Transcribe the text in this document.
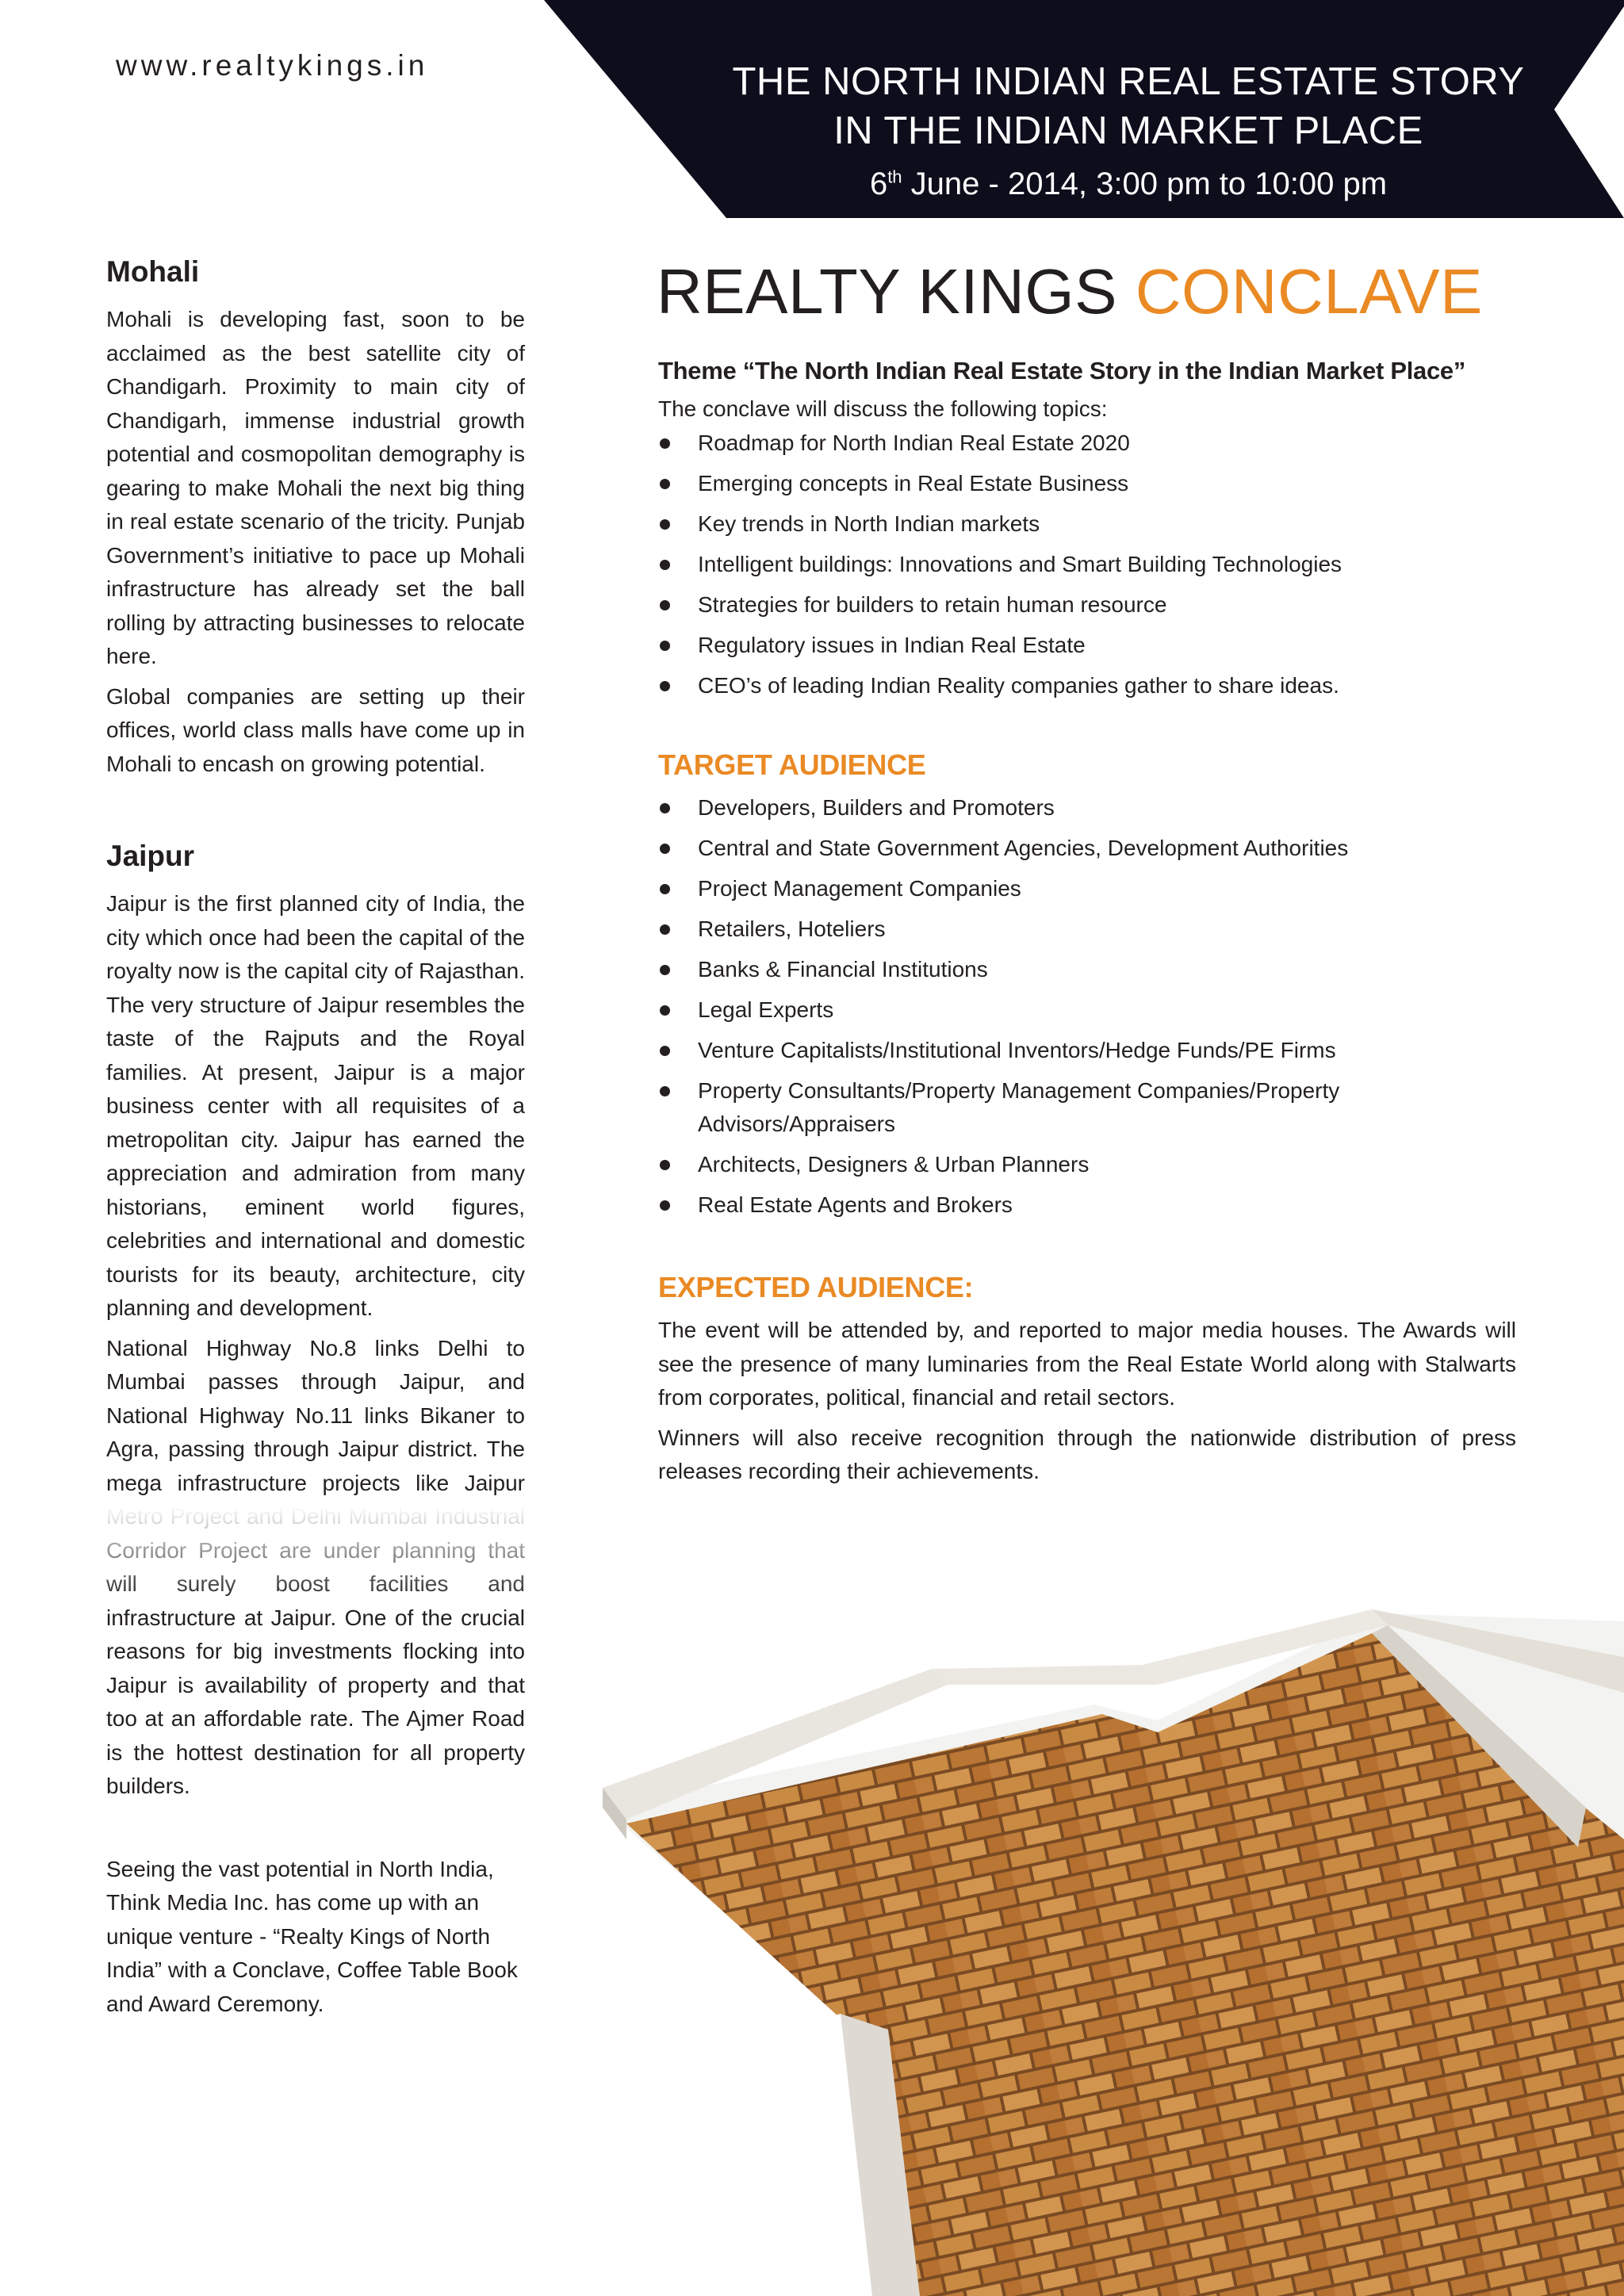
www.realtykings.in	THE NORTH INDIAN REAL ESTATE STORY
IN THE INDIAN MARKET PLACE
6th June - 2014, 3:00 pm to 10:00 pm
Mohali

Mohali is developing fast, soon to be acclaimed as the best satellite city of Chandigarh. Proximity to main city of Chandigarh, immense industrial growth potential and cosmopolitan demography is gearing to make Mohali the next big thing in real estate scenario of the tricity. Punjab Government’s initiative to pace up Mohali infrastructure has already set the ball rolling by attracting businesses to relocate here.

Global companies are setting up their offices, world class malls have come up in Mohali to encash on growing potential.

Jaipur

Jaipur is the first planned city of India, the city which once had been the capital of the royalty now is the capital city of Rajasthan. The very structure of Jaipur resembles the taste of the Rajputs and the Royal families. At present, Jaipur is a major business center with all requisites of a metropolitan city. Jaipur has earned the appreciation and admiration from many historians, eminent world figures, celebrities and international and domestic tourists for its beauty, architecture, city planning and development.

National Highway No.8 links Delhi to Mumbai passes through Jaipur, and National Highway No.11 links Bikaner to Agra, passing through Jaipur district. The mega infrastructure projects like Jaipur infrastructure at Jaipur. One of the crucial reasons for big investments flocking into Jaipur is availability of property and that too at an affordable rate. The Ajmer Road is the hottest destination for all property builders.

Seeing the vast potential in North India, Think Media Inc. has come up with an unique venture - “Realty Kings of North India” with a Conclave, Coffee Table Book and Award Ceremony.

REALTY KINGS CONCLAVE
Theme “The North Indian Real Estate Story in the Indian Market Place”
The conclave will discuss the following topics:
Roadmap for North Indian Real Estate 2020
Emerging concepts in Real Estate Business
Key trends in North Indian markets
Intelligent buildings: Innovations and Smart Building Technologies
Strategies for builders to retain human resource
Regulatory issues in Indian Real Estate
CEO’s of leading Indian Reality companies gather to share ideas.
TARGET AUDIENCE
Developers, Builders and Promoters
Central and State Government Agencies, Development Authorities
Project Management Companies
Retailers, Hoteliers
Banks & Financial Institutions
Legal Experts
Venture Capitalists/Institutional Inventors/Hedge Funds/PE Firms
Property Consultants/Property Management Companies/Property Advisors/Appraisers
Architects, Designers & Urban Planners
Real Estate Agents and Brokers
EXPECTED AUDIENCE:

The event will be attended by, and reported to major media houses. The Awards will see the presence of many luminaries from the Real Estate World along with Stalwarts from corporates, political, financial and retail sectors.

Winners will also receive recognition through the nationwide distribution of press releases recording their achievements.
